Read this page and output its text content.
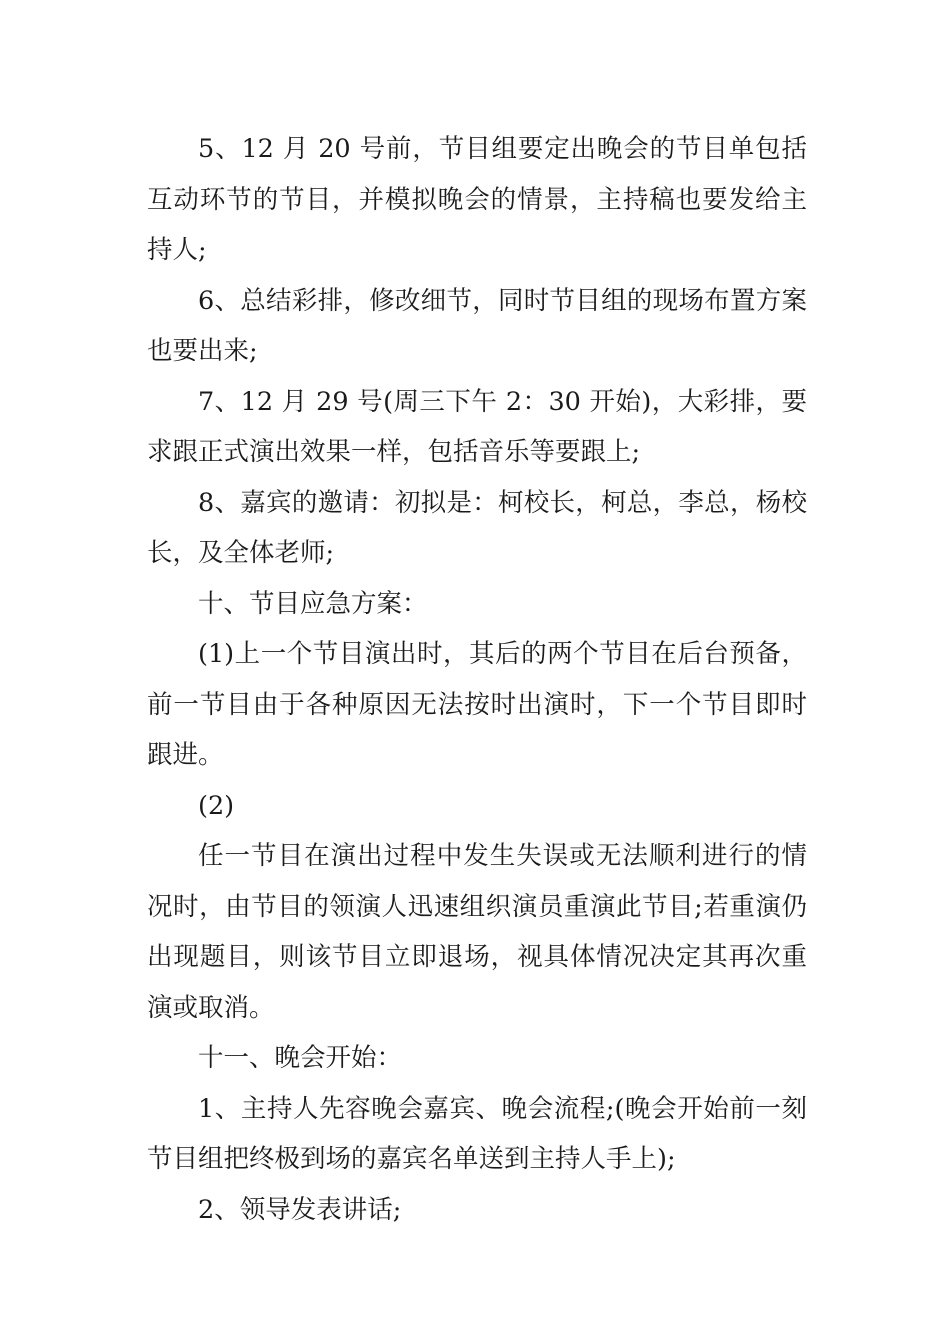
5、12 月 20 号前，节目组要定出晚会的节目单包括互动环节的节目，并模拟晚会的情景，主持稿也要发给主持人;

6、总结彩排，修改细节，同时节目组的现场布置方案也要出来;

7、12 月 29 号(周三下午 2：30 开始)，大彩排，要求跟正式演出效果一样，包括音乐等要跟上;

8、嘉宾的邀请：初拟是：柯校长，柯总，李总，杨校长，及全体老师;

十、节目应急方案：

(1)上一个节目演出时，其后的两个节目在后台预备，前一节目由于各种原因无法按时出演时，下一个节目即时跟进。

(2)

任一节目在演出过程中发生失误或无法顺利进行的情况时，由节目的领演人迅速组织演员重演此节目;若重演仍出现题目，则该节目立即退场，视具体情况决定其再次重演或取消。

十一、晚会开始：

1、主持人先容晚会嘉宾、晚会流程;(晚会开始前一刻节目组把终极到场的嘉宾名单送到主持人手上);

2、领导发表讲话;
